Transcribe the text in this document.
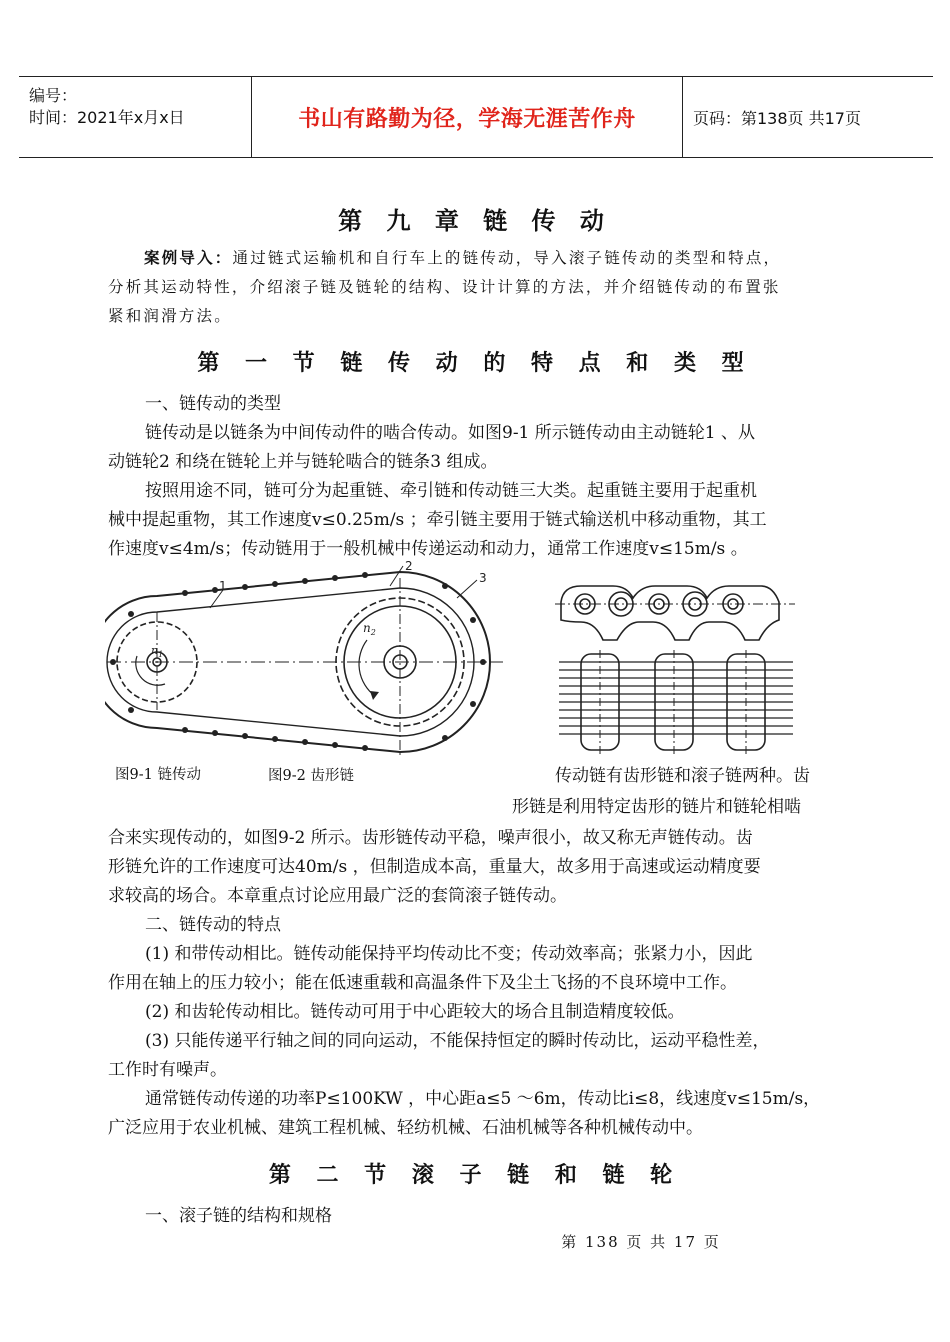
编号：
时间：2021年x月x日	书山有路勤为径，学海无涯苦作舟	页码：第138页 共17页
第 九 章 链 传 动
案例导入：通过链式运输机和自行车上的链传动，导入滚子链传动的类型和特点，
分析其运动特性，介绍滚子链及链轮的结构、设计计算的方法，并介绍链传动的布置张
紧和润滑方法。
第 一 节 链 传 动 的 特 点 和 类 型
一、链传动的类型
链传动是以链条为中间传动件的啮合传动。如图9-1 所示链传动由主动链轮1 、从
动链轮2 和绕在链轮上并与链轮啮合的链条3 组成。
按照用途不同，链可分为起重链、牵引链和传动链三大类。起重链主要用于起重机
械中提起重物，其工作速度v≤0.25m/s ；牵引链主要用于链式输送机中移动重物，其工
作速度v≤4m/s；传动链用于一般机械中传递运动和动力，通常工作速度v≤15m/s 。
1
2
3
$n_1$
$n_2$
图9-1 链传动	图9-2 齿形链	传动链有齿形链和滚子链两种。齿
形链是利用特定齿形的链片和链轮相啮
合来实现传动的，如图9-2 所示。齿形链传动平稳，噪声很小，故又称无声链传动。齿
形链允许的工作速度可达40m/s ，但制造成本高，重量大，故多用于高速或运动精度要
求较高的场合。本章重点讨论应用最广泛的套筒滚子链传动。
二、链传动的特点
(1) 和带传动相比。链传动能保持平均传动比不变；传动效率高；张紧力小，因此
作用在轴上的压力较小；能在低速重载和高温条件下及尘土飞扬的不良环境中工作。
(2) 和齿轮传动相比。链传动可用于中心距较大的场合且制造精度较低。
(3) 只能传递平行轴之间的同向运动，不能保持恒定的瞬时传动比，运动平稳性差，
工作时有噪声。
通常链传动传递的功率P≤100KW ，中心距a≤5 ～6m，传动比i≤8，线速度v≤15m/s，
广泛应用于农业机械、建筑工程机械、轻纺机械、石油机械等各种机械传动中。
第 二 节 滚 子 链 和 链 轮
一、滚子链的结构和规格
第 138 页 共 17 页
